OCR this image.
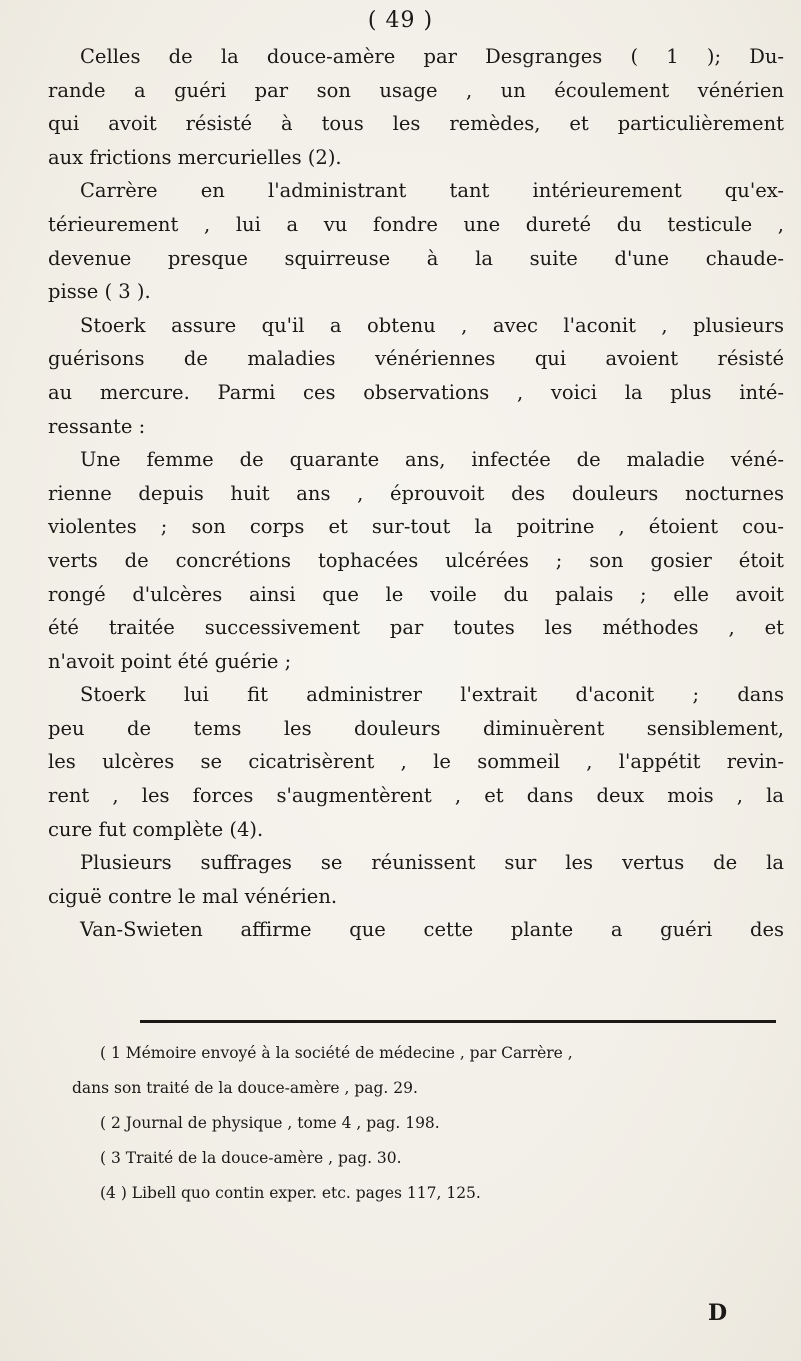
( 49 )
Celles de la douce-amère par Desgranges ( 1 ); Du-
rande a guéri par son usage , un écoulement vénérien
qui avoit résisté à tous les remèdes, et particulièrement
aux frictions mercurielles (2).
Carrère en l'administrant tant intérieurement qu'ex-
térieurement , lui a vu fondre une dureté du testicule ,
devenue presque squirreuse à la suite d'une chaude-
pisse ( 3 ).
Stoerk assure qu'il a obtenu , avec l'aconit , plusieurs
guérisons de maladies vénériennes qui avoient résisté
au mercure. Parmi ces observations , voici la plus inté-
ressante :
Une femme de quarante ans, infectée de maladie véné-
rienne depuis huit ans , éprouvoit des douleurs nocturnes
violentes ; son corps et sur-tout la poitrine , étoient cou-
verts de concrétions tophacées ulcérées ; son gosier étoit
rongé d'ulcères ainsi que le voile du palais ; elle avoit
été traitée successivement par toutes les méthodes , et
n'avoit point été guérie ;
Stoerk lui fit administrer l'extrait d'aconit ; dans
peu de tems les douleurs diminuèrent sensiblement,
les ulcères se cicatrisèrent , le sommeil , l'appétit revin-
rent , les forces s'augmentèrent , et dans deux mois , la
cure fut complète (4).
Plusieurs suffrages se réunissent sur les vertus de la
ciguë contre le mal vénérien.
Van-Swieten affirme que cette plante a guéri des
( 1 Mémoire envoyé à la société de médecine , par Carrère ,
dans son traité de la douce-amère , pag. 29.
( 2 Journal de physique , tome 4 , pag. 198.
( 3 Traité de la douce-amère , pag. 30.
(4 ) Libell quo contin exper. etc. pages 117, 125.
D
